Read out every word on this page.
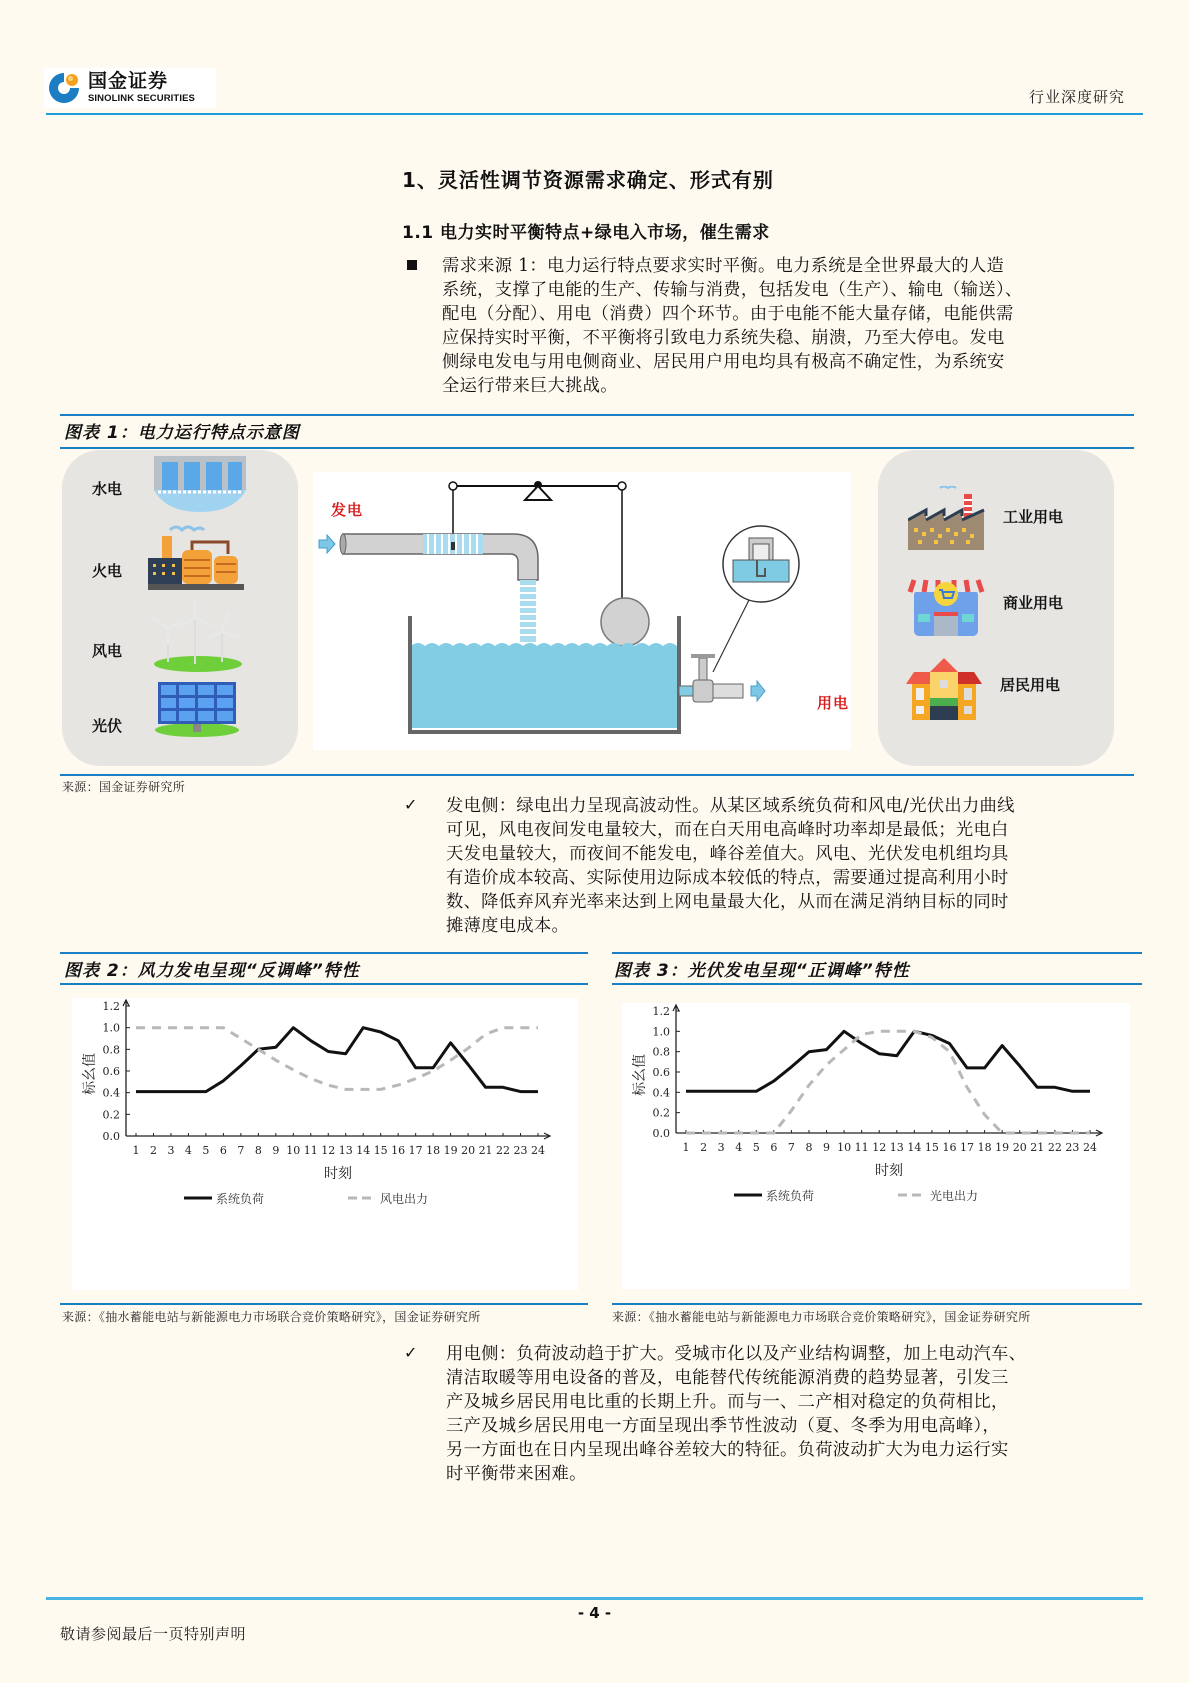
国金证券
SINOLINK SECURITIES	行业深度研究
1、灵活性调节资源需求确定、形式有别
1.1 电力实时平衡特点+绿电入市场，催生需求
需求来源 1：电力运行特点要求实时平衡。电力系统是全世界最大的人造
系统，支撑了电能的生产、传输与消费，包括发电（生产）、输电（输送）、
配电（分配）、用电（消费）四个环节。由于电能不能大量存储，电能供需
应保持实时平衡，不平衡将引致电力系统失稳、崩溃，乃至大停电。发电
侧绿电发电与用电侧商业、居民用户用电均具有极高不确定性，为系统安
全运行带来巨大挑战。
图表 1：电力运行特点示意图
水电
火电
风电
光伏
发电
用电
工业用电
商业用电
居民用电
来源：国金证券研究所
✓ 发电侧：绿电出力呈现高波动性。从某区域系统负荷和风电/光伏出力曲线
可见，风电夜间发电量较大，而在白天用电高峰时功率却是最低；光电白
天发电量较大，而夜间不能发电，峰谷差值大。风电、光伏发电机组均具
有造价成本较高、实际使用边际成本较低的特点，需要通过提高利用小时
数、降低弃风弃光率来达到上网电量最大化，从而在满足消纳目标的同时
摊薄度电成本。
图表 2：风力发电呈现“反调峰”特性
0.0
0.2
0.4
0.6
0.8
1.0
1.2
1 2 3 4 5 6 7 8 9 10 11 12 13 14 15 16 17 18 19 20 21 22 23 24
时刻
标幺值
系统负荷	风电出力
来源：《抽水蓄能电站与新能源电力市场联合竞价策略研究》，国金证券研究所
图表 3：光伏发电呈现“正调峰”特性
0.0
0.2
0.4
0.6
0.8
1.0
1.2
1 2 3 4 5 6 7 8 9 10 11 12 13 14 15 16 17 18 19 20 21 22 23 24
时刻
标幺值
系统负荷	光电出力
来源：《抽水蓄能电站与新能源电力市场联合竞价策略研究》，国金证券研究所
✓ 用电侧：负荷波动趋于扩大。受城市化以及产业结构调整，加上电动汽车、
清洁取暖等用电设备的普及，电能替代传统能源消费的趋势显著，引发三
产及城乡居民用电比重的长期上升。而与一、二产相对稳定的负荷相比，
三产及城乡居民用电一方面呈现出季节性波动（夏、冬季为用电高峰），
另一方面也在日内呈现出峰谷差较大的特征。负荷波动扩大为电力运行实
时平衡带来困难。
- 4 -
敬请参阅最后一页特别声明
